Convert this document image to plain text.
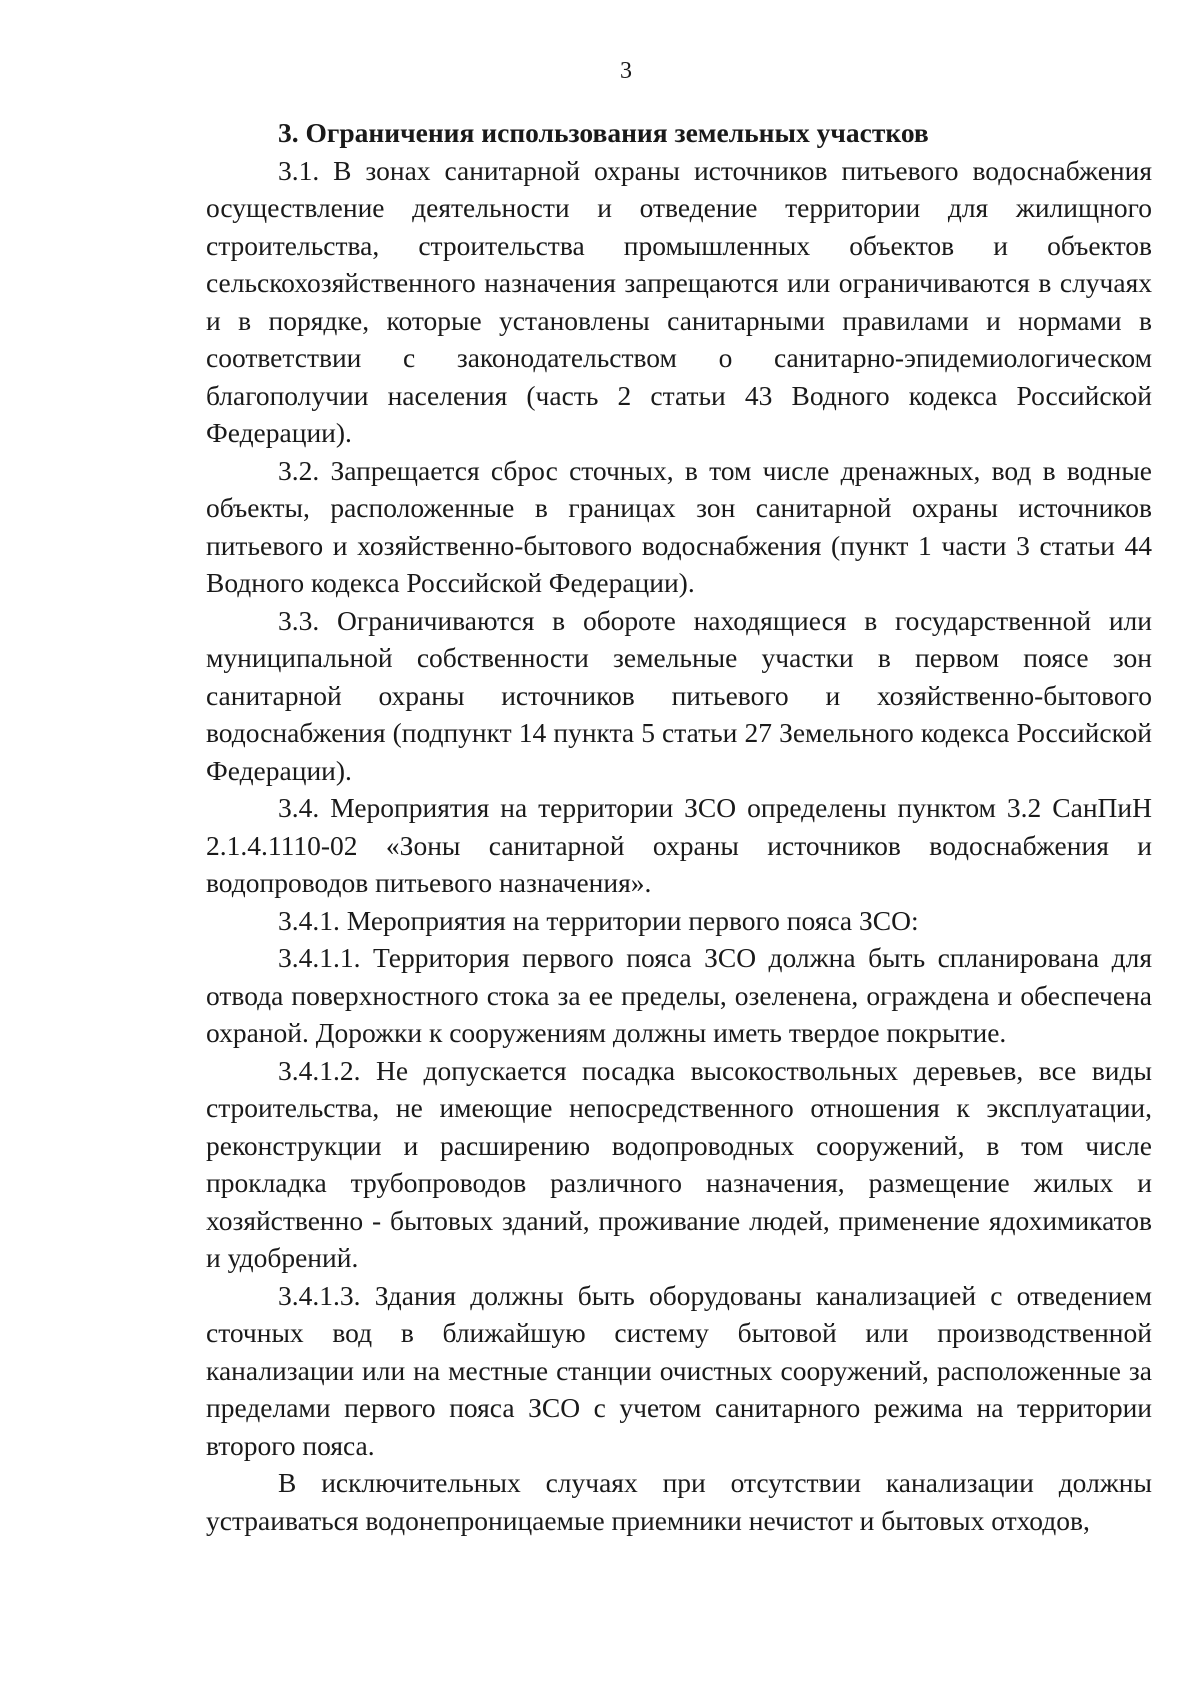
3

3. Ограничения использования земельных участков

3.1. В зонах санитарной охраны источников питьевого водоснабжения осуществление деятельности и отведение территории для жилищного строительства, строительства промышленных объектов и объектов сельскохозяйственного назначения запрещаются или ограничиваются в случаях и в порядке, которые установлены санитарными правилами и нормами в соответствии с законодательством о санитарно-эпидемиологическом благополучии населения (часть 2 статьи 43 Водного кодекса Российской Федерации).

3.2. Запрещается сброс сточных, в том числе дренажных, вод в водные объекты, расположенные в границах зон санитарной охраны источников питьевого и хозяйственно-бытового водоснабжения (пункт 1 части 3 статьи 44 Водного кодекса Российской Федерации).

3.3. Ограничиваются в обороте находящиеся в государственной или муниципальной собственности земельные участки в первом поясе зон санитарной охраны источников питьевого и хозяйственно-бытового водоснабжения (подпункт 14 пункта 5 статьи 27 Земельного кодекса Российской Федерации).

3.4. Мероприятия на территории ЗСО определены пунктом 3.2 СанПиН 2.1.4.1110-02 «Зоны санитарной охраны источников водоснабжения и водопроводов питьевого назначения».

3.4.1. Мероприятия на территории первого пояса ЗСО:

3.4.1.1. Территория первого пояса ЗСО должна быть спланирована для отвода поверхностного стока за ее пределы, озеленена, ограждена и обеспечена охраной. Дорожки к сооружениям должны иметь твердое покрытие.

3.4.1.2. Не допускается посадка высокоствольных деревьев, все виды строительства, не имеющие непосредственного отношения к эксплуатации, реконструкции и расширению водопроводных сооружений, в том числе прокладка трубопроводов различного назначения, размещение жилых и хозяйственно - бытовых зданий, проживание людей, применение ядохимикатов и удобрений.

3.4.1.3. Здания должны быть оборудованы канализацией с отведением сточных вод в ближайшую систему бытовой или производственной канализации или на местные станции очистных сооружений, расположенные за пределами первого пояса ЗСО с учетом санитарного режима на территории второго пояса.

В исключительных случаях при отсутствии канализации должны устраиваться водонепроницаемые приемники нечистот и бытовых отходов,
